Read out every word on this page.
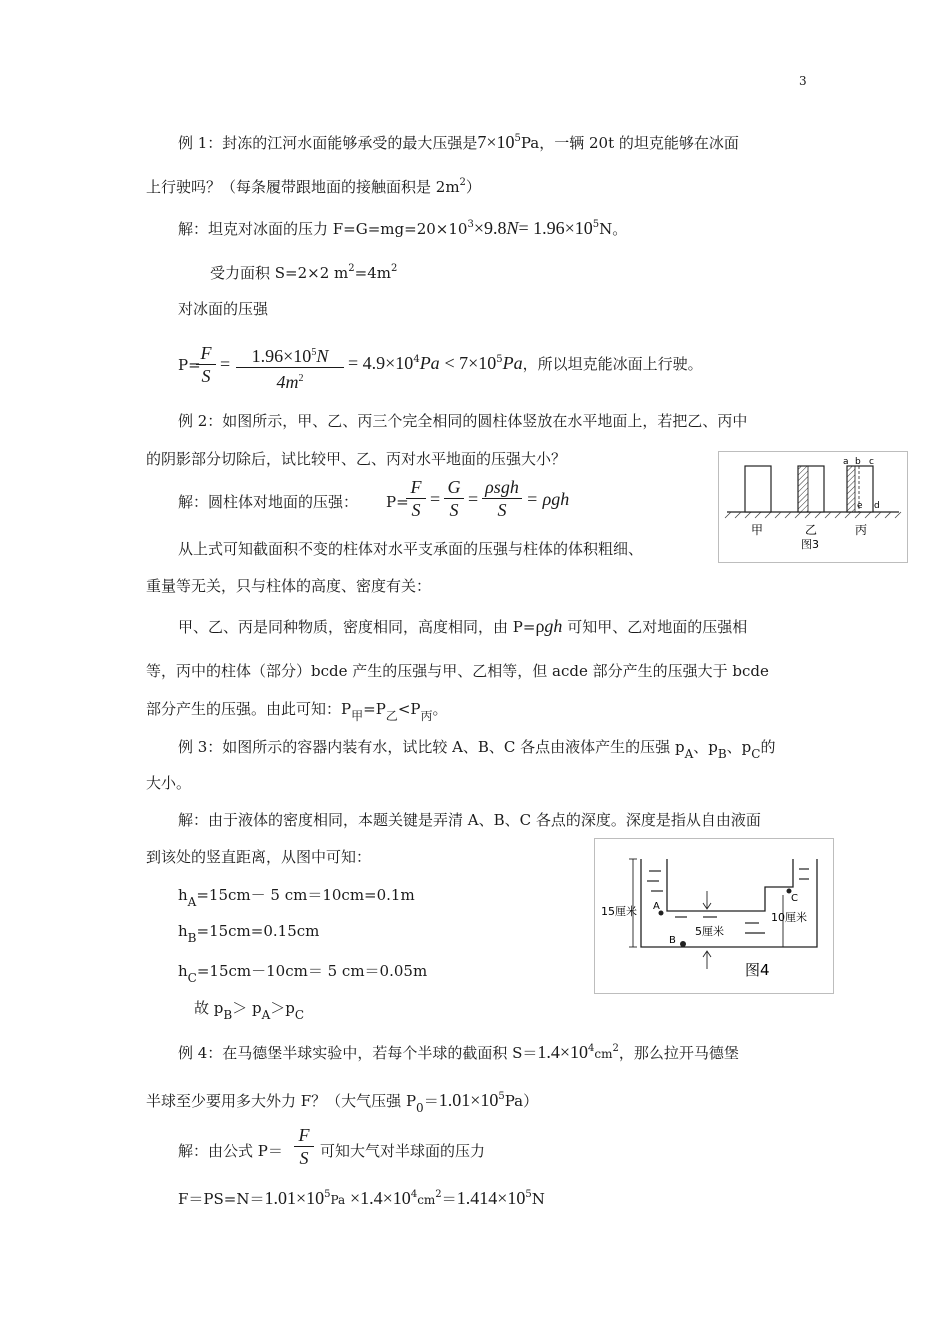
3
例 1：封冻的江河水面能够承受的最大压强是$7\times 10^5Pa$，一辆 20t 的坦克能够在冰面
上行驶吗？（每条履带跟地面的接触面积是 $2m^2$）
解：坦克对冰面的压力 $F=G=mg=20\times 10^3\times 9.8N= 1.96\times 10^5N$。
受力面积 S=2×2 $m^2=4m^2$
对冰面的压强
P=
F
S
=	$1.96\times 10^5N$
$4m^2$
= $4.9\times 10^4Pa < 7\times 10^5Pa$，所以坦克能冰面上行驶。
例 2：如图所示，甲、乙、丙三个完全相同的圆柱体竖放在水平地面上，若把乙、丙中
的阴影部分切除后，试比较甲、乙、丙对水平地面的压强大小？
解：圆柱体对地面的压强： P=
F
S
=
G
S
=
ρsgh
S
= ρgh
从上式可知截面积不变的柱体对水平支承面的压强与柱体的体积粗细、
重量等无关，只与柱体的高度、密度有关：
甲、乙、丙是同种物质，密度相同，高度相同，由 P=ρgh 可知甲、乙对地面的压强相
等，丙中的柱体（部分）bcde 产生的压强与甲、乙相等，但 acde 部分产生的压强大于 bcde
部分产生的压强。由此可知：$P_甲=P_乙<P_丙$。
a b c
e d
甲	乙	丙
图3
例 3：如图所示的容器内装有水，试比较 A、B、C 各点由液体产生的压强 $p_A$、$p_B$、$p_C$的
大小。
解：由于液体的密度相同，本题关键是弄清 A、B、C 各点的深度。深度是指从自由液面
到该处的竖直距离，从图中可知：
$h_A=15cm- 5$ cm＝10cm=0.1m
$h_B=15cm=0.15cm$
$h_C=15cm-10cm= 5$ cm＝0.05m
故 $p_B> p_A>p_C$
15厘米	10厘米
5厘米
A
B
C
图4
例 4：在马德堡半球实验中，若每个半球的截面积 $S=1.4\times 10^4cm^2$，那么拉开马德堡
半球至少要用多大外力 F？（大气压强 $P_0=1.01\times 10^5Pa$）
解：由公式 P＝
F
S 可知大气对半球面的压力
$F=PS=N=1.01\times 10^5Pa \times 1.4\times 10^4cm^2=1.414\times 10^5N$
